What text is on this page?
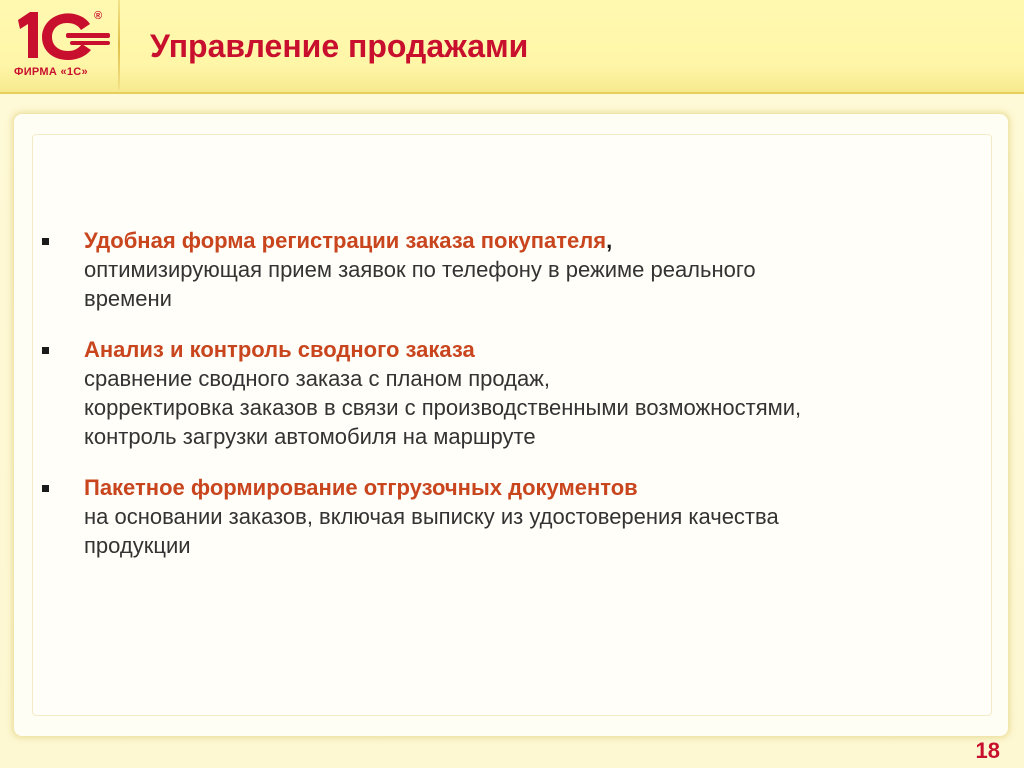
®
ФИРМА «1С»
Управление продажами
Удобная форма регистрации заказа покупателя,
оптимизирующая прием заявок по телефону в режиме реального
времени
Анализ и контроль сводного заказа
сравнение сводного заказа с планом продаж,
корректировка заказов в связи с производственными возможностями,
контроль загрузки автомобиля на маршруте
Пакетное формирование отгрузочных документов
на основании заказов, включая выписку из удостоверения качества
продукции
18
